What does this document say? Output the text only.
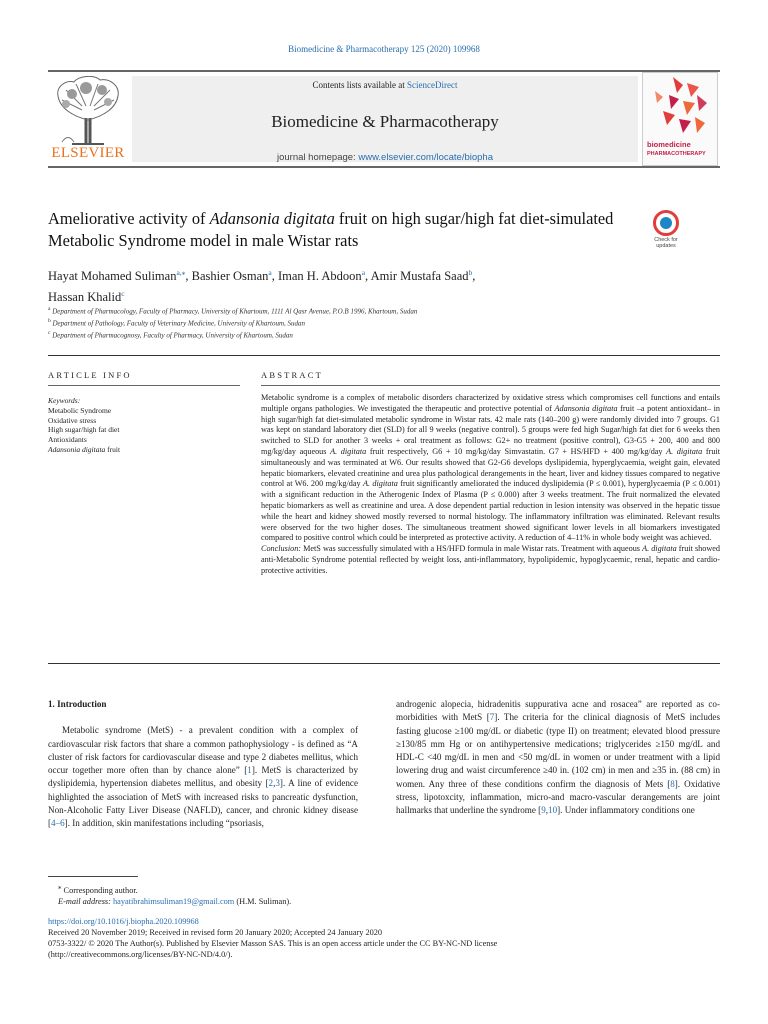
Biomedicine & Pharmacotherapy 125 (2020) 109968
ELSEVIER
Contents lists available at ScienceDirect
Biomedicine & Pharmacotherapy
journal homepage: www.elsevier.com/locate/biopha
biomedicine
PHARMACOTHERAPY
Ameliorative activity of Adansonia digitata fruit on high sugar/high fat diet-simulated Metabolic Syndrome model in male Wistar rats	Check for
updates
Hayat Mohamed Suliman$^{a,⁎}$, Bashier Osman$^a$, Iman H. Abdoon$^a$, Amir Mustafa Saad$^b$,
Hassan Khalid$^c$
$^a$ Department of Pharmacology, Faculty of Pharmacy, University of Khartoum, 1111 Al Qasr Avenue, P.O.B 1996, Khartoum, Sudan
$^b$ Department of Pathology, Faculty of Veterinary Medicine, University of Khartoum, Sudan
$^c$ Department of Pharmacognosy, Faculty of Pharmacy, University of Khartoum, Sudan
ARTICLE INFO	ABSTRACT
Keywords:
Metabolic Syndrome
Oxidative stress
High sugar/high fat diet
Antioxidants
Adansonia digitata fruit

Metabolic syndrome is a complex of metabolic disorders characterized by oxidative stress which compromises cell functions and entails multiple organs pathologies. We investigated the therapeutic and protective potential of Adansonia digitata fruit –a potent antioxidant– in high sugar/high fat diet-simulated metabolic syndrome in Wistar rats. 42 male rats (140–200 g) were randomly divided into 7 groups. G1 was kept on standard laboratory diet (SLD) for all 9 weeks (negative control). 5 groups were fed high Sugar/high fat diet for 6 weeks then switched to SLD for another 3 weeks + oral treatment as follows: G2+ no treatment (positive control), G3-G5 + 200, 400 and 800 mg/kg/day aqueous A. digitata fruit respectively, G6 + 10 mg/kg/day Simvastatin. G7 + HS/HFD + 400 mg/kg/day A. digitata fruit simultaneously and was terminated at W6. Our results showed that G2-G6 develops dyslipidemia, hyperglycaemia, weight gain, elevated hepatic biomarkers, elevated creatinine and urea plus pathological derangements in the heart, liver and kidney tissues compared to negative control at W6. 200 mg/kg/day A. digitata fruit significantly ameliorated the induced dyslipidemia (P ≤ 0.001), hyperglycaemia (P ≤ 0.001) with a significant reduction in the Atherogenic Index of Plasma (P ≤ 0.000) after 3 weeks treatment. The fruit normalized the elevated hepatic biomarkers as well as creatinine and urea. A dose dependent partial reduction in lesion intensity was observed in the hepatic tissue while the heart and kidney showed mostly reversed to normal histology. The inflammatory infiltration was eliminated. Relevant results were observed for the two higher doses. The simultaneous treatment showed significant lower levels in all biomarkers investigated compared to positive control which could be interpreted as protective activity. A reduction of 4–11% in whole body weight was achieved.

Conclusion: MetS was successfully simulated with a HS/HFD formula in male Wistar rats. Treatment with aqueous A. digitata fruit showed anti-Metabolic Syndrome potential reflected by weight loss, anti-inflammatory, hypolipidemic, hypoglycaemic, renal, hepatic and cardio-protective activities.

1. Introduction

Metabolic syndrome (MetS) - a prevalent condition with a complex of cardiovascular risk factors that share a common pathophysiology - is defined as “A cluster of risk factors for cardiovascular disease and type 2 diabetes mellitus, which occur together more often than by chance alone” [1]. MetS is characterized by dyslipidemia, hypertension diabetes mellitus, and obesity [2,3]. A line of evidence highlighted the association of MetS with increased risks to pancreatic dysfunction, Non-Alcoholic Fatty Liver Disease (NAFLD), cancer, and chronic kidney disease [4–6]. In addition, skin manifestations including “psoriasis,

androgenic alopecia, hidradenitis suppurativa acne and rosacea” are reported as co-morbidities with MetS [7]. The criteria for the clinical diagnosis of MetS includes fasting glucose ≥100 mg/dL or diabetic (type II) on treatment; elevated blood pressure ≥130/85 mm Hg or on antihypertensive medications; triglycerides ≥150 mg/dL and HDL-C <40 mg/dL in men and <50 mg/dL in women or under treatment with a lipid lowering drug and waist circumference ≥40 in. (102 cm) in men and ≥35 in. (88 cm) in women. Any three of these conditions confirm the diagnosis of Mets [8]. Oxidative stress, lipotoxcity, inflammation, micro-and macro-vascular derangements are joint hallmarks that underline the syndrome [9,10]. Under inflammatory conditions one

⁎ Corresponding author.
E-mail address: hayatibrahimsuliman19@gmail.com (H.M. Suliman).
https://doi.org/10.1016/j.biopha.2020.109968
Received 20 November 2019; Received in revised form 20 January 2020; Accepted 24 January 2020
0753-3322/ © 2020 The Author(s). Published by Elsevier Masson SAS. This is an open access article under the CC BY-NC-ND license
(http://creativecommons.org/licenses/BY-NC-ND/4.0/).
